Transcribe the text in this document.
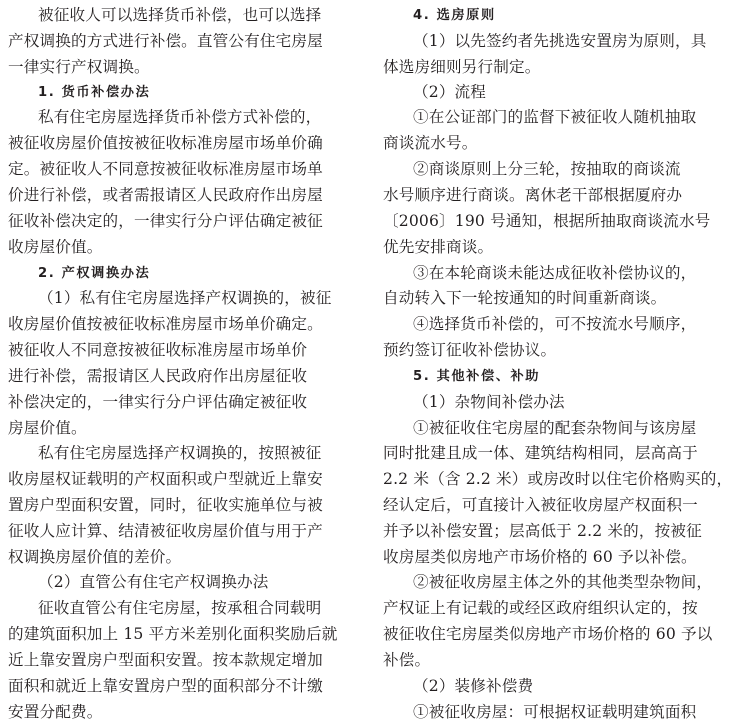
被征收人可以选择货币补偿，也可以选择
产权调换的方式进行补偿。直管公有住宅房屋
一律实行产权调换。
1. 货币补偿办法
私有住宅房屋选择货币补偿方式补偿的，
被征收房屋价值按被征收标准房屋市场单价确
定。被征收人不同意按被征收标准房屋市场单
价进行补偿，或者需报请区人民政府作出房屋
征收补偿决定的，一律实行分户评估确定被征
收房屋价值。
2. 产权调换办法
（1）私有住宅房屋选择产权调换的，被征
收房屋价值按被征收标准房屋市场单价确定。
被征收人不同意按被征收标准房屋市场单价
进行补偿，需报请区人民政府作出房屋征收
补偿决定的，一律实行分户评估确定被征收
房屋价值。
私有住宅房屋选择产权调换的，按照被征
收房屋权证载明的产权面积或户型就近上靠安
置房户型面积安置，同时，征收实施单位与被
征收人应计算、结清被征收房屋价值与用于产
权调换房屋价值的差价。
（2）直管公有住宅产权调换办法
征收直管公有住宅房屋，按承租合同载明
的建筑面积加上 15 平方米差别化面积奖励后就
近上靠安置房户型面积安置。按本款规定增加
面积和就近上靠安置房户型的面积部分不计缴
安置分配费。
4. 选房原则
（1）以先签约者先挑选安置房为原则，具
体选房细则另行制定。
（2）流程
①在公证部门的监督下被征收人随机抽取
商谈流水号。
②商谈原则上分三轮，按抽取的商谈流
水号顺序进行商谈。离休老干部根据厦府办
〔2006〕190 号通知，根据所抽取商谈流水号
优先安排商谈。
③在本轮商谈未能达成征收补偿协议的，
自动转入下一轮按通知的时间重新商谈。
④选择货币补偿的，可不按流水号顺序，
预约签订征收补偿协议。
5. 其他补偿、补助
（1）杂物间补偿办法
①被征收住宅房屋的配套杂物间与该房屋
同时批建且成一体、建筑结构相同，层高高于
2.2 米（含 2.2 米）或房改时以住宅价格购买的，
经认定后，可直接计入被征收房屋产权面积一
并予以补偿安置；层高低于 2.2 米的，按被征
收房屋类似房地产市场价格的 60 予以补偿。
②被征收房屋主体之外的其他类型杂物间，
产权证上有记载的或经区政府组织认定的，按
被征收住宅房屋类似房地产市场价格的 60 予以
补偿。
（2）装修补偿费
①被征收房屋：可根据权证载明建筑面积
